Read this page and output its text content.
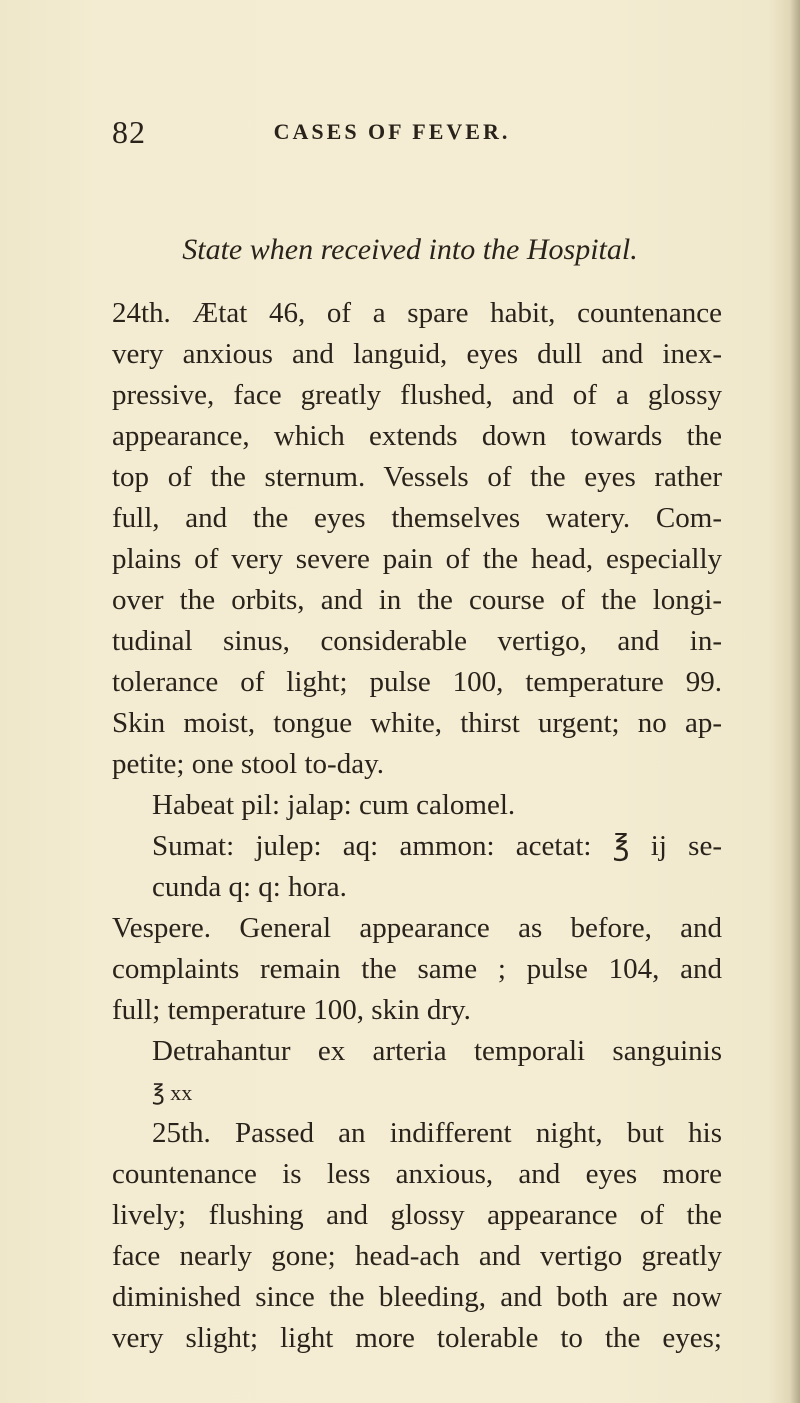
82	CASES OF FEVER.
State when received into the Hospital.
24th. Ætat 46, of a spare habit, countenance
very anxious and languid, eyes dull and inex-
pressive, face greatly flushed, and of a glossy
appearance, which extends down towards the
top of the sternum. Vessels of the eyes rather
full, and the eyes themselves watery. Com-
plains of very severe pain of the head, especially
over the orbits, and in the course of the longi-
tudinal sinus, considerable vertigo, and in-
tolerance of light; pulse 100, temperature 99.
Skin moist, tongue white, thirst urgent; no ap-
petite; one stool to-day.
Habeat pil: jalap: cum calomel.
Sumat: julep: aq: ammon: acetat: ℥ ij se-
cunda q: q: hora.
Vespere. General appearance as before, and
complaints remain the same ; pulse 104, and
full; temperature 100, skin dry.
Detrahantur ex arteria temporali sanguinis
℥ xx
25th. Passed an indifferent night, but his
countenance is less anxious, and eyes more
lively; flushing and glossy appearance of the
face nearly gone; head-ach and vertigo greatly
diminished since the bleeding, and both are now
very slight; light more tolerable to the eyes;
